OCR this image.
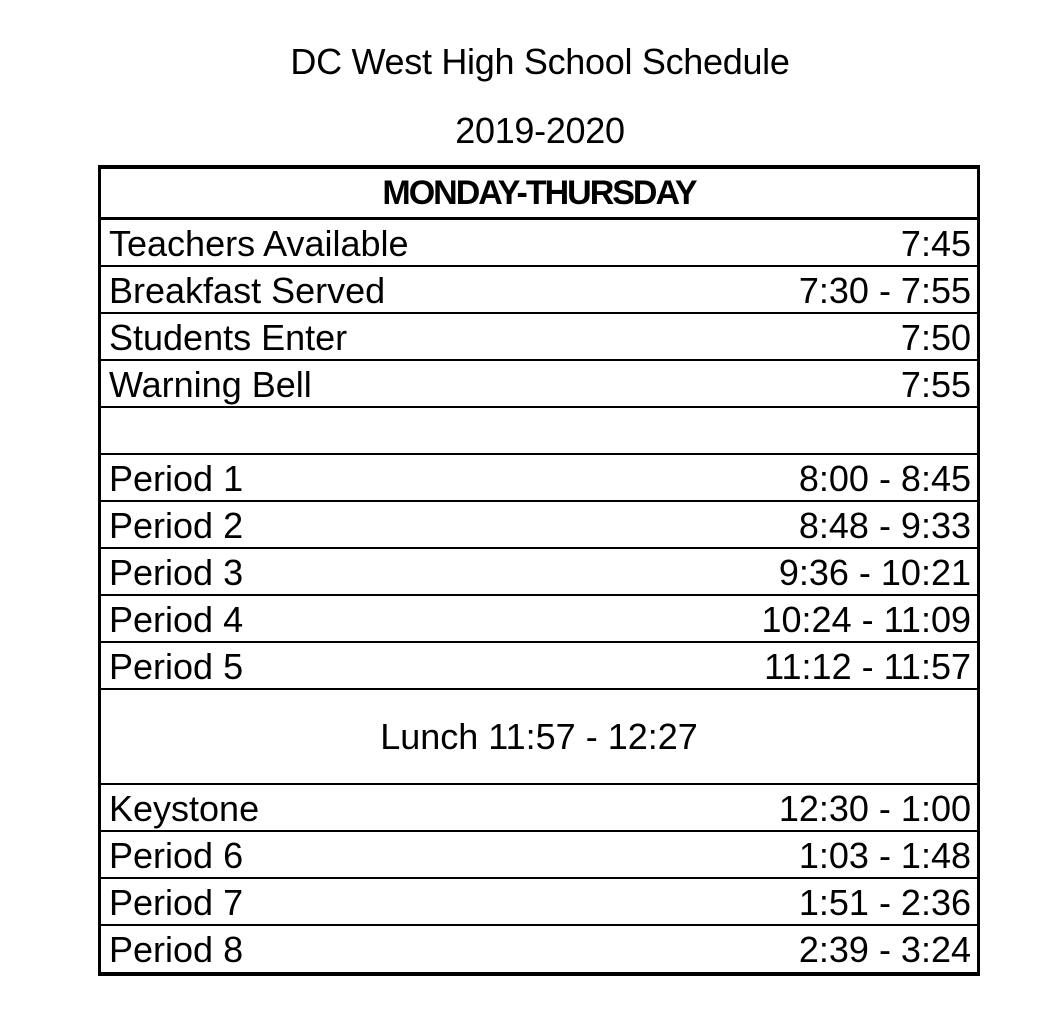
DC West High School Schedule
2019-2020
MONDAY-THURSDAY
Teachers Available	7:45
Breakfast Served	7:30 - 7:55
Students Enter	7:50
Warning Bell	7:55
Period 1	8:00 - 8:45
Period 2	8:48 - 9:33
Period 3	9:36 - 10:21
Period 4	10:24 - 11:09
Period 5	11:12 - 11:57
Lunch 11:57 - 12:27
Keystone	12:30 - 1:00
Period 6	1:03 - 1:48
Period 7	1:51 - 2:36
Period 8	2:39 - 3:24
